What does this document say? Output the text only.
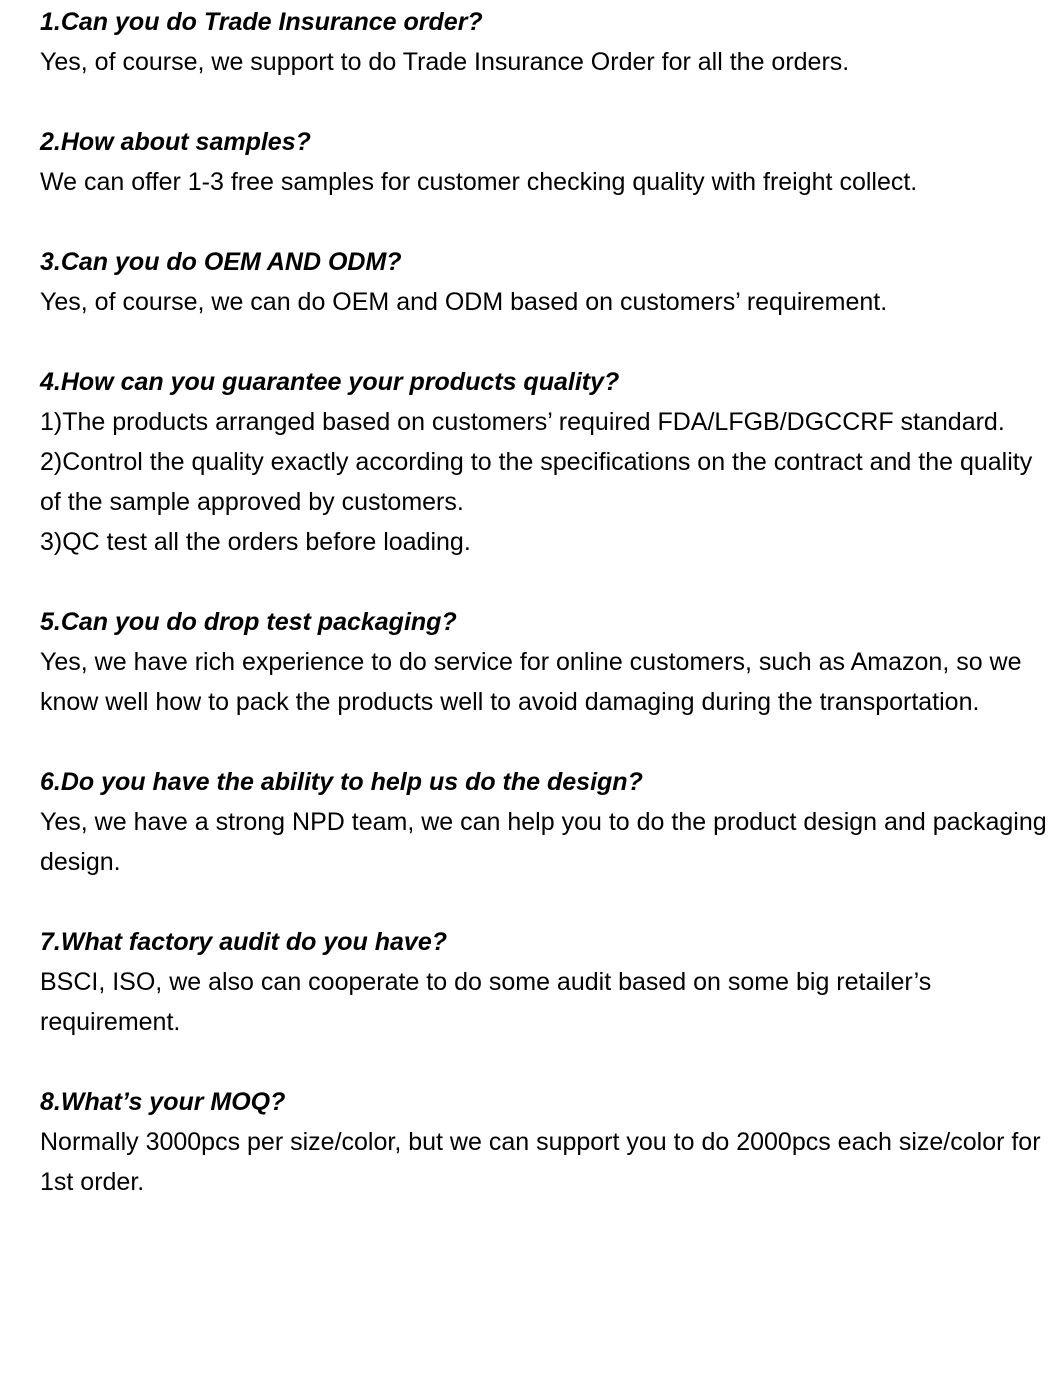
1.Can you do Trade Insurance order?

Yes, of course, we support to do Trade Insurance Order for all the orders.

2.How about samples?

We can offer 1-3 free samples for customer checking quality with freight collect.

3.Can you do OEM AND ODM?

Yes, of course, we can do OEM and ODM based on customers’ requirement.

4.How can you guarantee your products quality?

1)The products arranged based on customers’ required FDA/LFGB/DGCCRF standard.

2)Control the quality exactly according to the specifications on the contract and the quality of the sample approved by customers.

3)QC test all the orders before loading.

5.Can you do drop test packaging?

Yes, we have rich experience to do service for online customers, such as Amazon, so we know well how to pack the products well to avoid damaging during the transportation.

6.Do you have the ability to help us do the design?

Yes, we have a strong NPD team, we can help you to do the product design and packaging design.

7.What factory audit do you have?

BSCI, ISO, we also can cooperate to do some audit based on some big retailer’s requirement.

8.What’s your MOQ?

Normally 3000pcs per size/color, but we can support you to do 2000pcs each size/color for 1st order.
